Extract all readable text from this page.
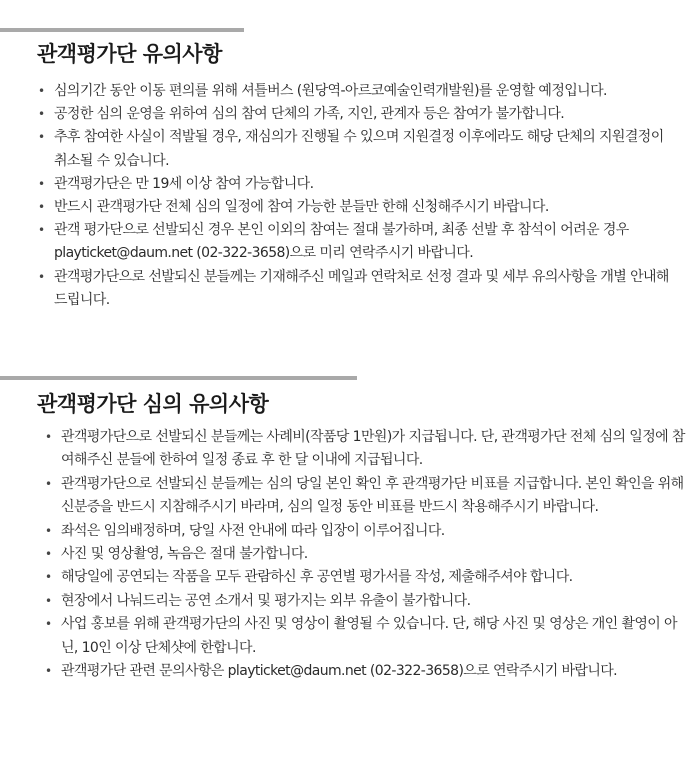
관객평가단 유의사항
• 심의기간 동안 이동 편의를 위해 셔틀버스 (원당역-아르코예술인력개발원)를 운영할 예정입니다.
• 공정한 심의 운영을 위하여 심의 참여 단체의 가족, 지인, 관계자 등은 참여가 불가합니다.
• 추후 참여한 사실이 적발될 경우, 재심의가 진행될 수 있으며 지원결정 이후에라도 해당 단체의 지원결정이 취소될 수 있습니다.
• 관객평가단은 만 19세 이상 참여 가능합니다.
• 반드시 관객평가단 전체 심의 일정에 참여 가능한 분들만 한해 신청해주시기 바랍니다.
• 관객 평가단으로 선발되신 경우 본인 이외의 참여는 절대 불가하며, 최종 선발 후 참석이 어려운 경우 playticket@daum.net (02-322-3658)으로 미리 연락주시기 바랍니다.
• 관객평가단으로 선발되신 분들께는 기재해주신 메일과 연락처로 선정 결과 및 세부 유의사항을 개별 안내해드립니다.
관객평가단 심의 유의사항
• 관객평가단으로 선발되신 분들께는 사례비(작품당 1만원)가 지급됩니다. 단, 관객평가단 전체 심의 일정에 참여해주신 분들에 한하여 일정 종료 후 한 달 이내에 지급됩니다.
• 관객평가단으로 선발되신 분들께는 심의 당일 본인 확인 후 관객평가단 비표를 지급합니다. 본인 확인을 위해 신분증을 반드시 지참해주시기 바라며, 심의 일정 동안 비표를 반드시 착용해주시기 바랍니다.
• 좌석은 임의배정하며, 당일 사전 안내에 따라 입장이 이루어집니다.
• 사진 및 영상촬영, 녹음은 절대 불가합니다.
• 해당일에 공연되는 작품을 모두 관람하신 후 공연별 평가서를 작성, 제출해주셔야 합니다.
• 현장에서 나눠드리는 공연 소개서 및 평가지는 외부 유출이 불가합니다.
• 사업 홍보를 위해 관객평가단의 사진 및 영상이 촬영될 수 있습니다. 단, 해당 사진 및 영상은 개인 촬영이 아닌, 10인 이상 단체샷에 한합니다.
• 관객평가단 관련 문의사항은 playticket@daum.net (02-322-3658)으로 연락주시기 바랍니다.
